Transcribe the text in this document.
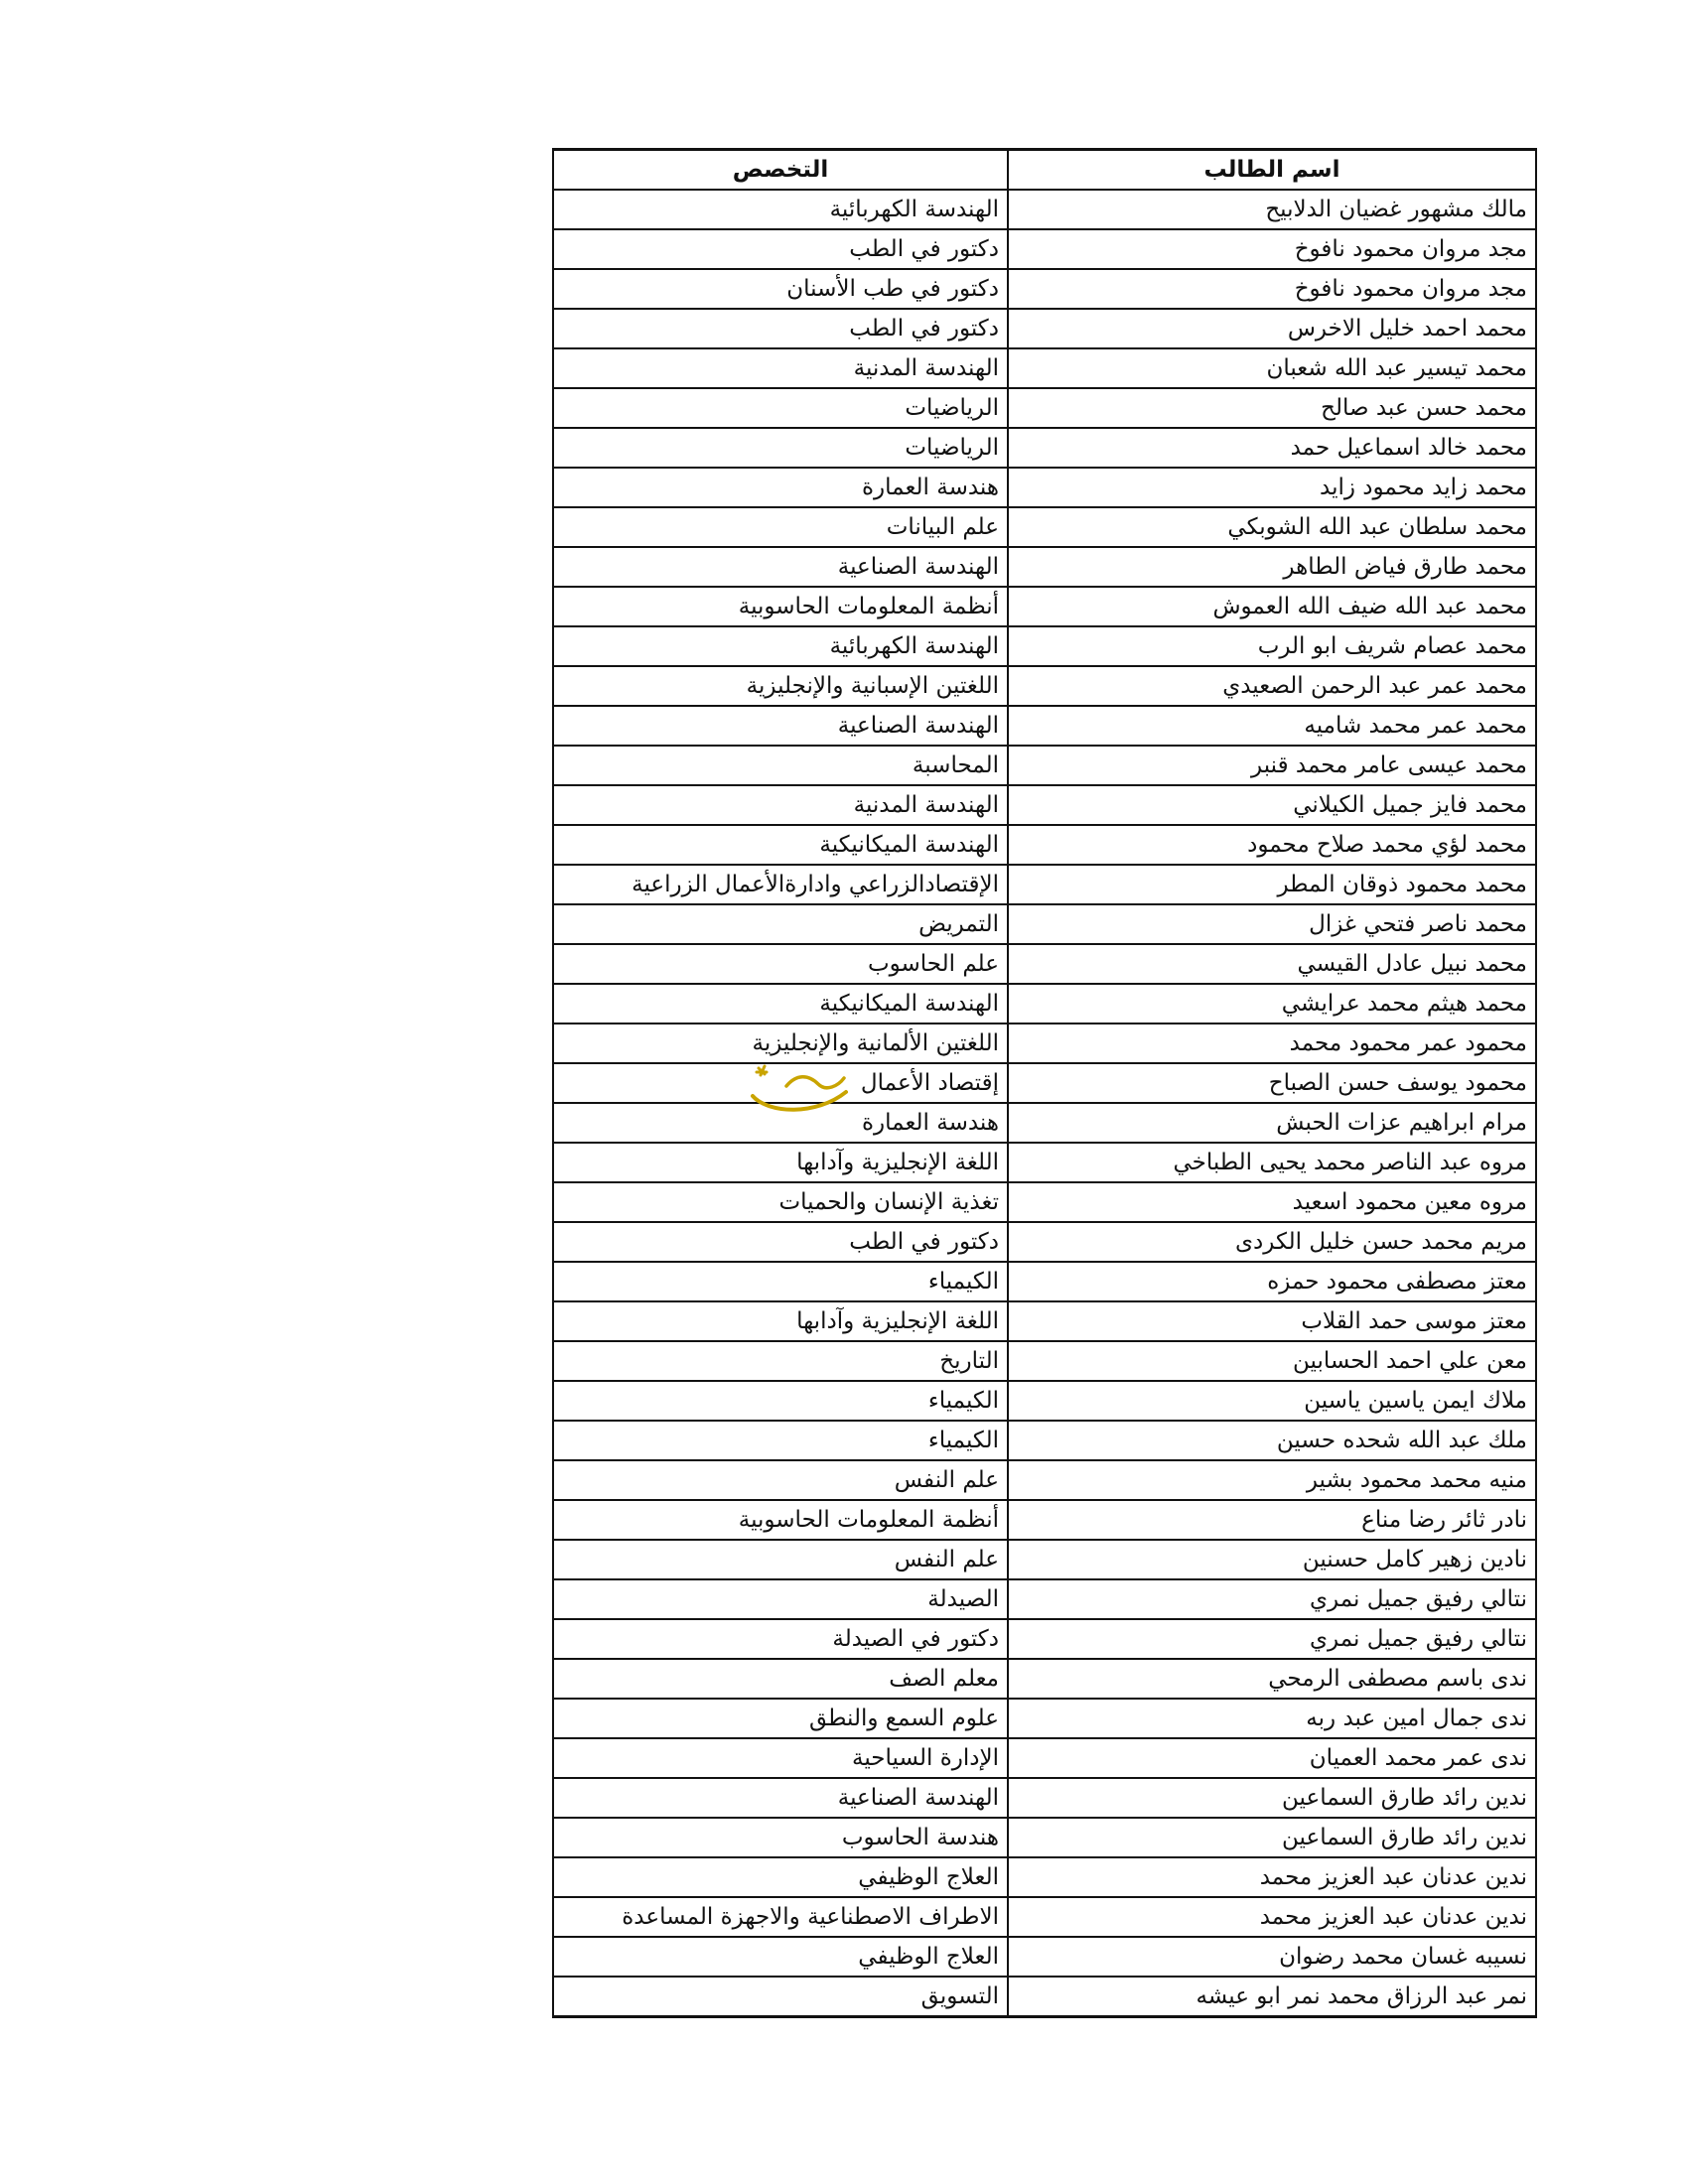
اسم الطالب	التخصص
مالك مشهور غضيان الدلابيح	الهندسة الكهربائية
مجد مروان محمود نافوخ	دكتور في الطب
مجد مروان محمود نافوخ	دكتور في طب الأسنان
محمد احمد خليل الاخرس	دكتور في الطب
محمد تيسير عبد الله شعبان	الهندسة المدنية
محمد حسن عبد صالح	الرياضيات
محمد خالد اسماعيل حمد	الرياضيات
محمد زايد محمود زايد	هندسة العمارة
محمد سلطان عبد الله الشوبكي	علم البيانات
محمد طارق فياض الطاهر	الهندسة الصناعية
محمد عبد الله ضيف الله العموش	أنظمة المعلومات الحاسوبية
محمد عصام شريف ابو الرب	الهندسة الكهربائية
محمد عمر عبد الرحمن الصعيدي	اللغتين الإسبانية والإنجليزية
محمد عمر محمد شاميه	الهندسة الصناعية
محمد عيسى عامر محمد قنبر	المحاسبة
محمد فايز جميل الكيلاني	الهندسة المدنية
محمد لؤي محمد صلاح محمود	الهندسة الميكانيكية
محمد محمود ذوقان المطر	الإقتصادالزراعي وادارةالأعمال الزراعية
محمد ناصر فتحي غزال	التمريض
محمد نبيل عادل القيسي	علم الحاسوب
محمد هيثم محمد عرايشي	الهندسة الميكانيكية
محمود عمر محمود محمد	اللغتين الألمانية والإنجليزية
محمود يوسف حسن الصباح	إقتصاد الأعمال
مرام ابراهيم عزات الحبش	هندسة العمارة
مروه عبد الناصر محمد يحيى الطباخي	اللغة الإنجليزية وآدابها
مروه معين محمود اسعيد	تغذية الإنسان والحميات
مريم محمد حسن خليل الكردى	دكتور في الطب
معتز مصطفى محمود حمزه	الكيمياء
معتز موسى حمد القلاب	اللغة الإنجليزية وآدابها
معن علي احمد الحسابين	التاريخ
ملاك ايمن ياسين ياسين	الكيمياء
ملك عبد الله شحده حسين	الكيمياء
منيه محمد محمود بشير	علم النفس
نادر ثائر رضا مناع	أنظمة المعلومات الحاسوبية
نادين زهير كامل حسنين	علم النفس
نتالي رفيق جميل نمري	الصيدلة
نتالي رفيق جميل نمري	دكتور في الصيدلة
ندى باسم مصطفى الرمحي	معلم الصف
ندى جمال امين عبد ربه	علوم السمع والنطق
ندى عمر محمد العميان	الإدارة السياحية
ندين رائد طارق السماعين	الهندسة الصناعية
ندين رائد طارق السماعين	هندسة الحاسوب
ندين عدنان عبد العزيز محمد	العلاج الوظيفي
ندين عدنان عبد العزيز محمد	الاطراف الاصطناعية والاجهزة المساعدة
نسيبه غسان محمد رضوان	العلاج الوظيفي
نمر عبد الرزاق محمد نمر ابو عيشه	التسويق
